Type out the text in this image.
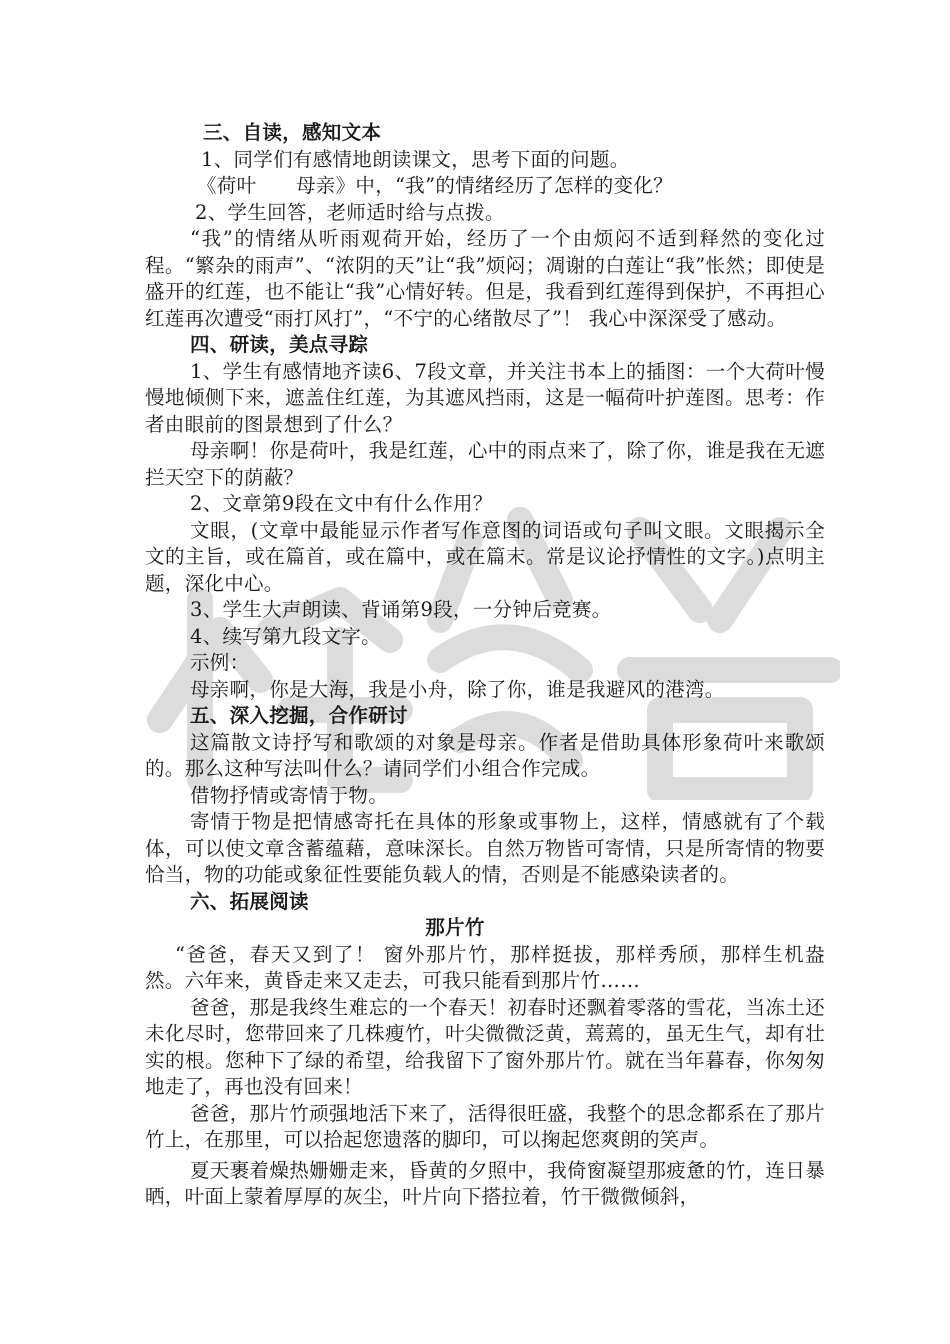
三、自读，感知文本
1、同学们有感情地朗读课文，思考下面的问题。
《荷叶　　母亲》中，“我”的情绪经历了怎样的变化？
2、学生回答，老师适时给与点拨。
“我”的情绪从听雨观荷开始，经历了一个由烦闷不适到释然的变化过程。“繁杂的雨声”、“浓阴的天”让“我”烦闷；凋谢的白莲让“我”怅然；即使是盛开的红莲，也不能让“我”心情好转。但是，我看到红莲得到保护，不再担心红莲再次遭受“雨打风打”，“不宁的心绪散尽了”！ 我心中深深受了感动。
四、研读，美点寻踪
1、学生有感情地齐读6、7段文章，并关注书本上的插图：一个大荷叶慢慢地倾侧下来，遮盖住红莲，为其遮风挡雨，这是一幅荷叶护莲图。思考：作者由眼前的图景想到了什么？
母亲啊！你是荷叶，我是红莲，心中的雨点来了，除了你，谁是我在无遮拦天空下的荫蔽？
2、文章第9段在文中有什么作用？
文眼，(文章中最能显示作者写作意图的词语或句子叫文眼。文眼揭示全文的主旨，或在篇首，或在篇中，或在篇末。常是议论抒情性的文字。)点明主题，深化中心。
3、学生大声朗读、背诵第9段，一分钟后竞赛。
4、续写第九段文字。
示例：
母亲啊，你是大海，我是小舟，除了你，谁是我避风的港湾。
五、深入挖掘，合作研讨
这篇散文诗抒写和歌颂的对象是母亲。作者是借助具体形象荷叶来歌颂的。那么这种写法叫什么？请同学们小组合作完成。
借物抒情或寄情于物。
寄情于物是把情感寄托在具体的形象或事物上，这样，情感就有了个载体，可以使文章含蓄蕴藉，意味深长。自然万物皆可寄情，只是所寄情的物要恰当，物的功能或象征性要能负载人的情，否则是不能感染读者的。
六、拓展阅读
那片竹
“爸爸，春天又到了！ 窗外那片竹，那样挺拔，那样秀颀，那样生机盎然。六年来，黄昏走来又走去，可我只能看到那片竹……
爸爸，那是我终生难忘的一个春天！初春时还飘着零落的雪花，当冻土还未化尽时，您带回来了几株瘦竹，叶尖微微泛黄，蔫蔫的，虽无生气，却有壮实的根。您种下了绿的希望，给我留下了窗外那片竹。就在当年暮春，你匆匆地走了，再也没有回来！
爸爸，那片竹顽强地活下来了，活得很旺盛，我整个的思念都系在了那片竹上，在那里，可以拾起您遗落的脚印，可以掬起您爽朗的笑声。
夏天裹着燥热姗姗走来，昏黄的夕照中，我倚窗凝望那疲惫的竹，连日暴晒，叶面上蒙着厚厚的灰尘，叶片向下搭拉着，竹干微微倾斜，
